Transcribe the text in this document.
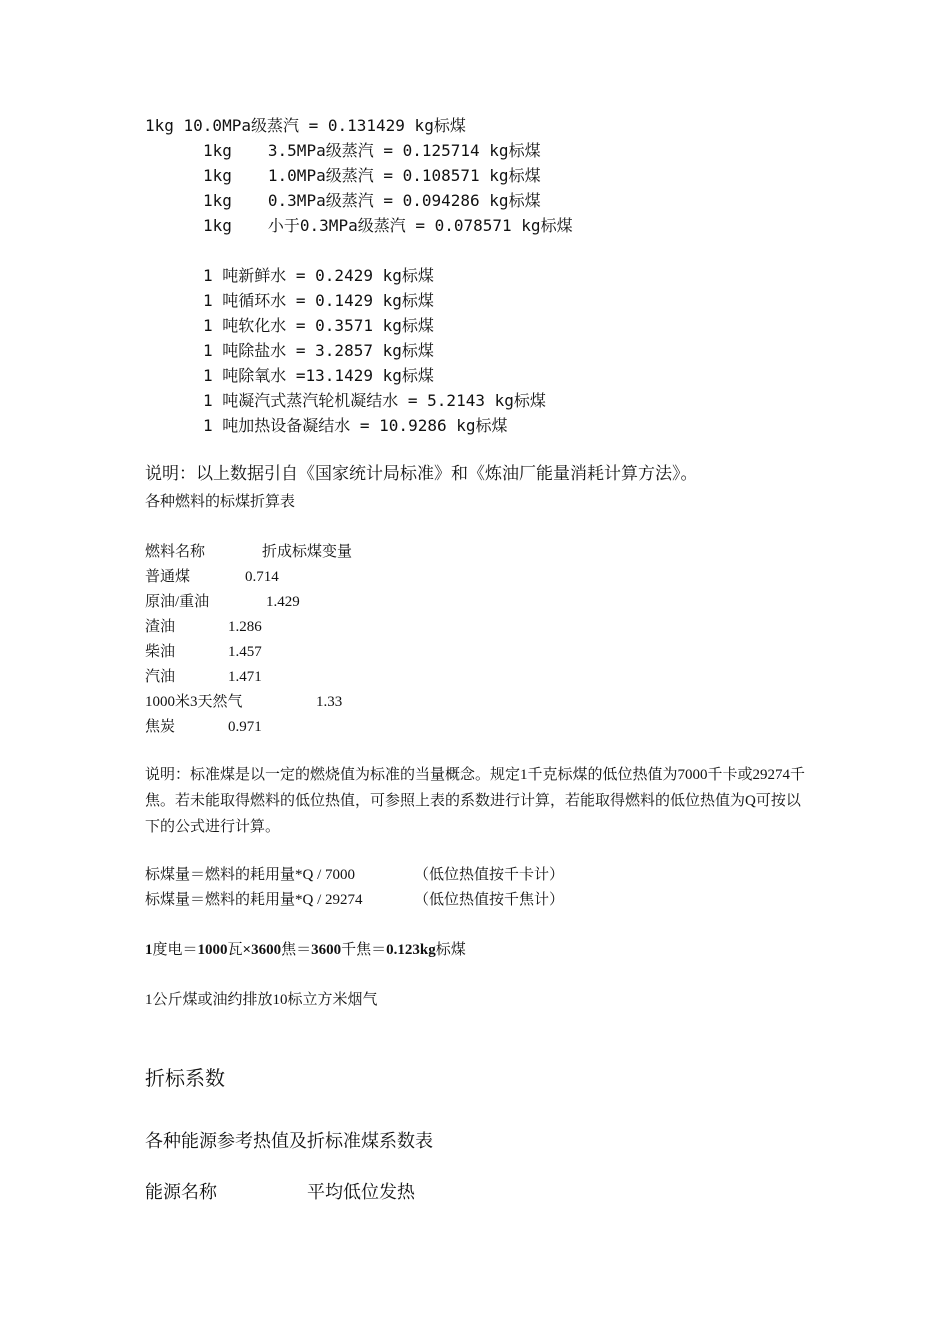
1kg 10.0MPa级蒸汽 = 0.131429 kg标煤
1kg 3.5MPa级蒸汽 = 0.125714 kg标煤
1kg 1.0MPa级蒸汽 = 0.108571 kg标煤
1kg 0.3MPa级蒸汽 = 0.094286 kg标煤
1kg 小于0.3MPa级蒸汽 = 0.078571 kg标煤
1 吨新鲜水 = 0.2429 kg标煤
1 吨循环水 = 0.1429 kg标煤
1 吨软化水 = 0.3571 kg标煤
1 吨除盐水 = 3.2857 kg标煤
1 吨除氧水 =13.1429 kg标煤
1 吨凝汽式蒸汽轮机凝结水 = 5.2143 kg标煤
1 吨加热设备凝结水 = 10.9286 kg标煤
说明：以上数据引自《国家统计局标准》和《炼油厂能量消耗计算方法》。
各种燃料的标煤折算表
燃料名称	折成标煤变量
普通煤	0.714
原油/重油	1.429
渣油	1.286
柴油	1.457
汽油	1.471
1000米3天然气	1.33
焦炭	0.971
说明：标准煤是以一定的燃烧值为标准的当量概念。规定1千克标煤的低位热值为7000千卡或29274千焦。若未能取得燃料的低位热值，可参照上表的系数进行计算，若能取得燃料的低位热值为Q可按以下的公式进行计算。
标煤量＝燃料的耗用量*Q / 7000	（低位热值按千卡计）
标煤量＝燃料的耗用量*Q / 29274	（低位热值按千焦计）
1度电＝1000瓦×3600焦＝3600千焦＝0.123kg标煤
1公斤煤或油约排放10标立方米烟气
折标系数
各种能源参考热值及折标准煤系数表
能源名称	平均低位发热
